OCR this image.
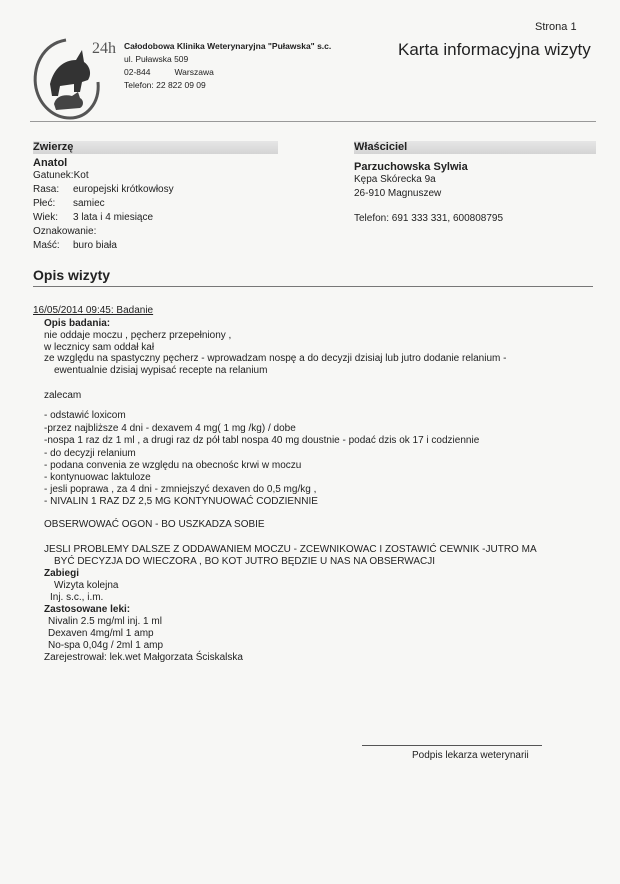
Strona 1
24h Całodobowa Klinika Weterynaryjna "Puławska" s.c.
ul. Puławska 509
02-844	Warszawa
Telefon: 22 822 09 09
Karta informacyjna wizyty
Zwierzę
Anatol
Gatunek:Kot
Rasa: europejski krótkowłosy
Płeć: samiec
Wiek: 3 lata i 4 miesiące
Oznakowanie:
Maść: buro biała
Właściciel
Parzuchowska Sylwia
Kępa Skórecka 9a
26-910 Magnuszew
Telefon: 691 333 331, 600808795
Opis wizyty
16/05/2014 09:45: Badanie
Opis badania:
nie oddaje moczu , pęcherz przepełniony ,
w lecznicy sam oddał kał
ze względu na spastyczny pęcherz - wprowadzam nospę a do decyzji dzisiaj lub jutro dodanie relanium -
ewentualnie dzisiaj wypisać recepte na relanium
zalecam
- odstawić loxicom
-przez najbliższe 4 dni - dexavem 4 mg( 1 mg /kg) / dobe
-nospa 1 raz dz 1 ml , a drugi raz dz pół tabl nospa 40 mg doustnie - podać dzis ok 17 i codziennie
- do decyzji relanium
- podana convenia ze względu na obecnośc krwi w moczu
- kontynuowac laktuloze
- jesli poprawa , za 4 dni - zmniejszyć dexaven do 0,5 mg/kg ,
- NIVALIN 1 RAZ DZ 2,5 MG KONTYNUOWAĆ CODZIENNIE
OBSERWOWAĆ OGON - BO USZKADZA SOBIE
JESLI PROBLEMY DALSZE Z ODDAWANIEM MOCZU - ZCEWNIKOWAC I ZOSTAWIĆ CEWNIK -JUTRO MA
BYĆ DECYZJA DO WIECZORA , BO KOT JUTRO BĘDZIE U NAS NA OBSERWACJI
Zabiegi
Wizyta kolejna
Inj. s.c., i.m.
Zastosowane leki:
Nivalin 2.5 mg/ml inj. 1 ml
Dexaven 4mg/ml 1 amp
No-spa 0,04g / 2ml 1 amp
Zarejestrował: lek.wet Małgorzata Ściskalska
Podpis lekarza weterynarii
